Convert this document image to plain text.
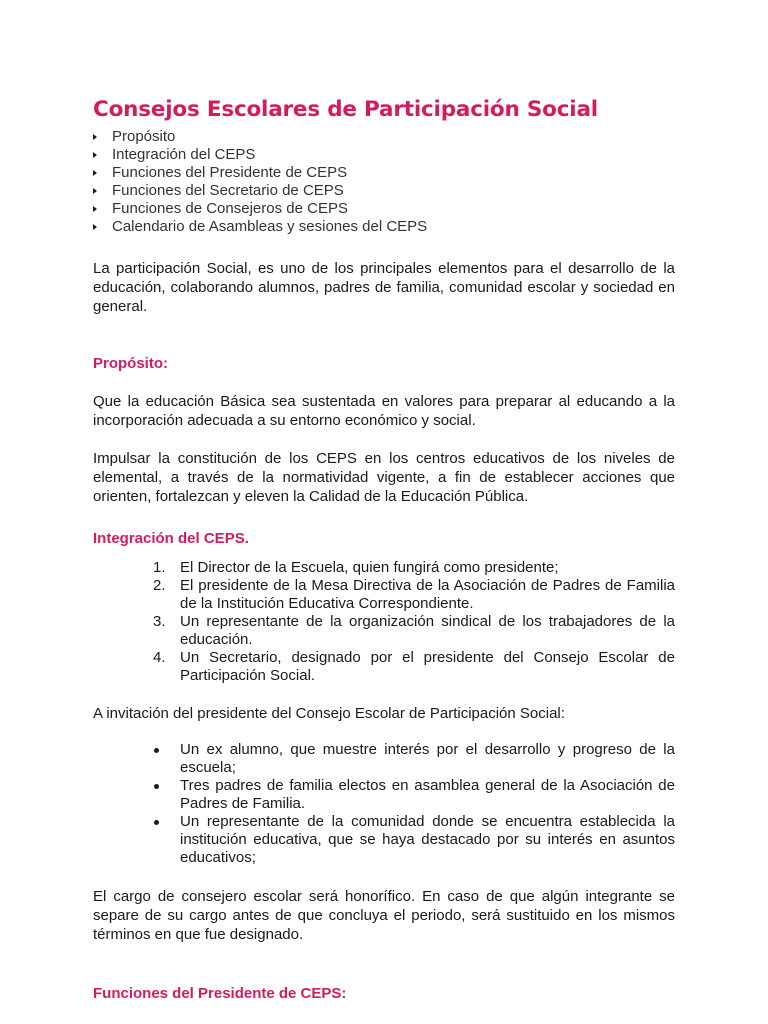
Consejos Escolares de Participación Social
Propósito
Integración del CEPS
Funciones del Presidente de CEPS
Funciones del Secretario de CEPS
Funciones de Consejeros de CEPS
Calendario de Asambleas y sesiones del CEPS

La participación Social, es uno de los principales elementos para el desarrollo de la educación, colaborando alumnos, padres de familia, comunidad escolar y sociedad en general.

Propósito:

Que la educación Básica sea sustentada en valores para preparar al educando a la incorporación adecuada a su entorno económico y social.

Impulsar la constitución de los CEPS en los centros educativos de los niveles de elemental, a través de la normatividad vigente, a fin de establecer acciones que orienten, fortalezcan y eleven la Calidad de la Educación Pública.

Integración del CEPS.
1. El Director de la Escuela, quien fungirá como presidente;
2. El presidente de la Mesa Directiva de la Asociación de Padres de Familia de la Institución Educativa Correspondiente.
3. Un representante de la organización sindical de los trabajadores de la educación.
4. Un Secretario, designado por el presidente del Consejo Escolar de Participación Social.

A invitación del presidente del Consejo Escolar de Participación Social:

Un ex alumno, que muestre interés por el desarrollo y progreso de la escuela;
Tres padres de familia electos en asamblea general de la Asociación de Padres de Familia.
Un representante de la comunidad donde se encuentra establecida la institución educativa, que se haya destacado por su interés en asuntos educativos;

El cargo de consejero escolar será honorífico. En caso de que algún integrante se separe de su cargo antes de que concluya el periodo, será sustituido en los mismos términos en que fue designado.

Funciones del Presidente de CEPS:
